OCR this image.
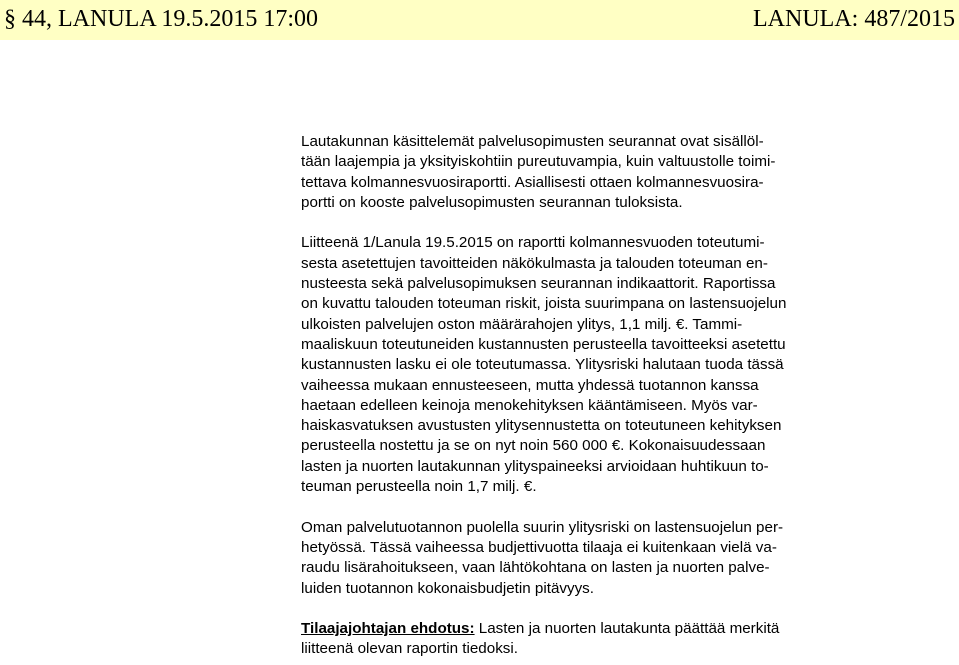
§ 44, LANULA 19.5.2015 17:00	LANULA: 487/2015

Lautakunnan käsittelemät palvelusopimusten seurannat ovat sisällöl-
tään laajempia ja yksityiskohtiin pureutuvampia, kuin valtuustolle toimi-
tettava kolmannesvuosiraportti. Asiallisesti ottaen kolmannesvuosira-
portti on kooste palvelusopimusten seurannan tuloksista.

Liitteenä 1/Lanula 19.5.2015 on raportti kolmannesvuoden toteutumi-
sesta asetettujen tavoitteiden näkökulmasta ja talouden toteuman en-
nusteesta sekä palvelusopimuksen seurannan indikaattorit. Raportissa
on kuvattu talouden toteuman riskit, joista suurimpana on lastensuojelun
ulkoisten palvelujen oston määrärahojen ylitys, 1,1 milj. €. Tammi-
maaliskuun toteutuneiden kustannusten perusteella tavoitteeksi asetettu
kustannusten lasku ei ole toteutumassa. Ylitysriski halutaan tuoda tässä
vaiheessa mukaan ennusteeseen, mutta yhdessä tuotannon kanssa
haetaan edelleen keinoja menokehityksen kääntämiseen. Myös var-
haiskasvatuksen avustusten ylitysennustetta on toteutuneen kehityksen
perusteella nostettu ja se on nyt noin 560 000 €. Kokonaisuudessaan
lasten ja nuorten lautakunnan ylityspaineeksi arvioidaan huhtikuun to-
teuman perusteella noin 1,7 milj. €.

Oman palvelutuotannon puolella suurin ylitysriski on lastensuojelun per-
hetyössä. Tässä vaiheessa budjettivuotta tilaaja ei kuitenkaan vielä va-
raudu lisärahoitukseen, vaan lähtökohtana on lasten ja nuorten palve-
luiden tuotannon kokonaisbudjetin pitävyys.

Tilaajajohtajan ehdotus: Lasten ja nuorten lautakunta päättää merkitä
liitteenä olevan raportin tiedoksi.
